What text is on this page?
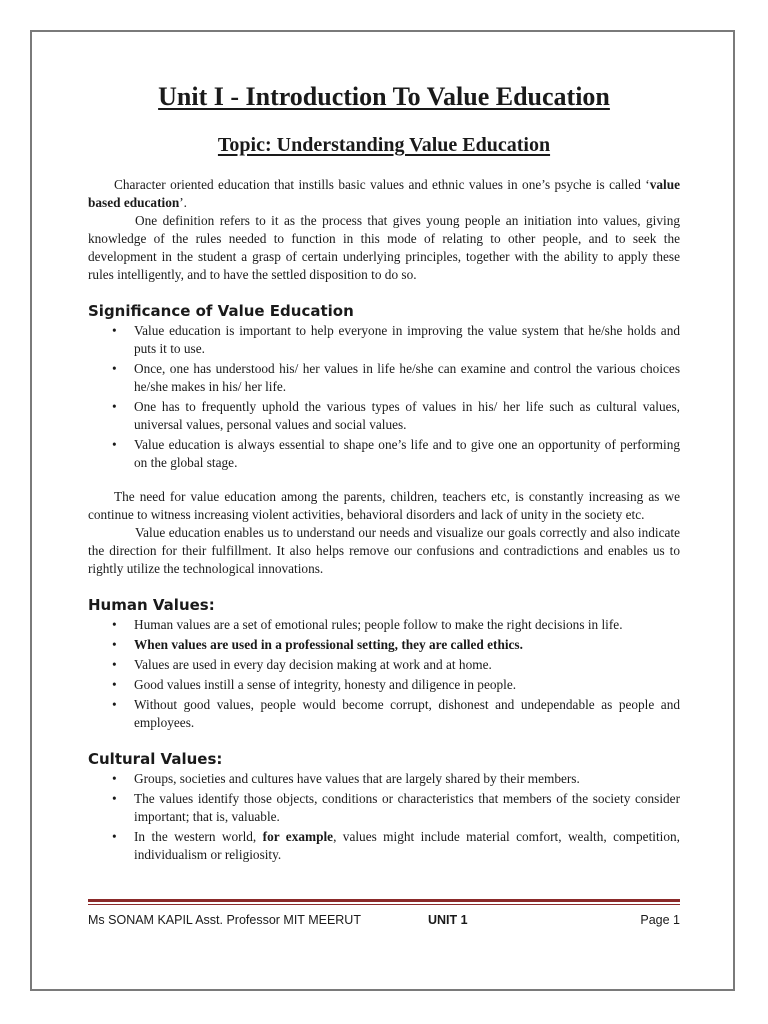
Unit I - Introduction To Value Education
Topic: Understanding Value Education

Character oriented education that instills basic values and ethnic values in one’s psyche is called ‘value based education’.

One definition refers to it as the process that gives young people an initiation into values, giving knowledge of the rules needed to function in this mode of relating to other people, and to seek the development in the student a grasp of certain underlying principles, together with the ability to apply these rules intelligently, and to have the settled disposition to do so.

Significance of Value Education
• Value education is important to help everyone in improving the value system that he/she holds and puts it to use.
• Once, one has understood his/ her values in life he/she can examine and control the various choices he/she makes in his/ her life.
• One has to frequently uphold the various types of values in his/ her life such as cultural values, universal values, personal values and social values.
• Value education is always essential to shape one’s life and to give one an opportunity of performing on the global stage.

The need for value education among the parents, children, teachers etc, is constantly increasing as we continue to witness increasing violent activities, behavioral disorders and lack of unity in the society etc.

Value education enables us to understand our needs and visualize our goals correctly and also indicate the direction for their fulfillment. It also helps remove our confusions and contradictions and enables us to rightly utilize the technological innovations.

Human Values:
• Human values are a set of emotional rules; people follow to make the right decisions in life.
• When values are used in a professional setting, they are called ethics.
• Values are used in every day decision making at work and at home.
• Good values instill a sense of integrity, honesty and diligence in people.
• Without good values, people would become corrupt, dishonest and undependable as people and employees.
Cultural Values:
• Groups, societies and cultures have values that are largely shared by their members.
• The values identify those objects, conditions or characteristics that members of the society consider important; that is, valuable.
• In the western world, for example, values might include material comfort, wealth, competition, individualism or religiosity.
Ms SONAM KAPIL Asst. Professor MIT MEERUT	UNIT 1	Page 1
